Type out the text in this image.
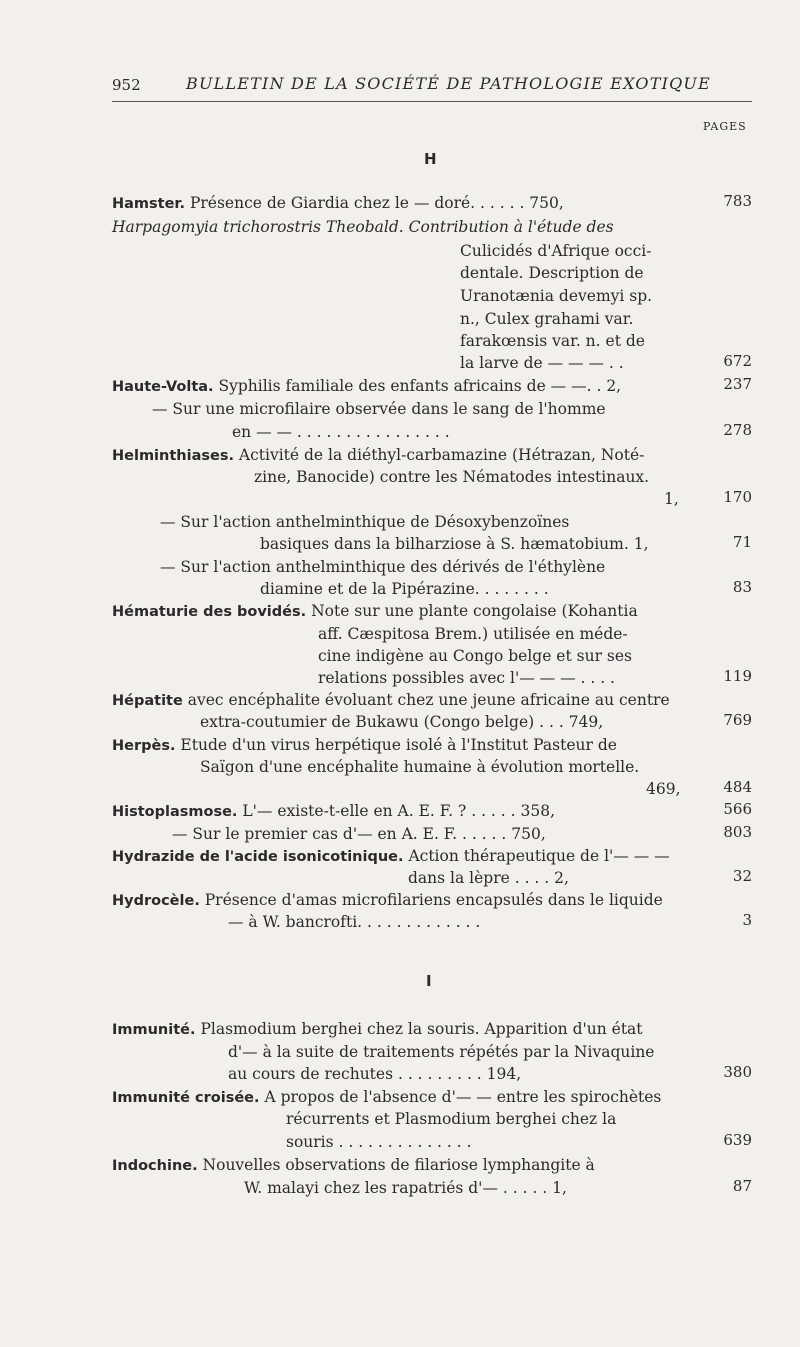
952	BULLETIN DE LA SOCIÉTÉ DE PATHOLOGIE EXOTIQUE
PAGES
H
Hamster. Présence de Giardia chez le — doré. . . . . . 750,	783
Harpagomyia trichorostris Theobald. Contribution à l'étude des
Culicidés d'Afrique occi-
dentale. Description de
Uranotænia devemyi sp.
n., Culex grahami var.
farakœnsis var. n. et de
la larve de — — — . .	672
Haute-Volta. Syphilis familiale des enfants africains de — —. . 2,	237
— Sur une microfilaire observée dans le sang de l'homme
en — — . . . . . . . . . . . . . . . .	278
Helminthiases. Activité de la diéthyl-carbamazine (Hétrazan, Noté-
zine, Banocide) contre les Nématodes intestinaux.
1,	170
— Sur l'action anthelminthique de Désoxybenzoïnes
basiques dans la bilharziose à S. hæmatobium. 1,	71
— Sur l'action anthelminthique des dérivés de l'éthylène
diamine et de la Pipérazine. . . . . . . .	83
Hématurie des bovidés. Note sur une plante congolaise (Kohantia
aff. Cæspitosa Brem.) utilisée en méde-
cine indigène au Congo belge et sur ses
relations possibles avec l'— — — . . . .	119
Hépatite avec encéphalite évoluant chez une jeune africaine au centre
extra-coutumier de Bukawu (Congo belge) . . . 749,	769
Herpès. Etude d'un virus herpétique isolé à l'Institut Pasteur de
Saïgon d'une encéphalite humaine à évolution mortelle.
469,	484
Histoplasmose. L'— existe-t-elle en A. E. F. ? . . . . . 358,	566
— Sur le premier cas d'— en A. E. F. . . . . . 750,	803
Hydrazide de l'acide isonicotinique. Action thérapeutique de l'— — —
dans la lèpre . . . . 2,	32
Hydrocèle. Présence d'amas microfilariens encapsulés dans le liquide
— à W. bancrofti. . . . . . . . . . . . .	3
I
Immunité. Plasmodium berghei chez la souris. Apparition d'un état
d'— à la suite de traitements répétés par la Nivaquine
au cours de rechutes . . . . . . . . . 194,	380
Immunité croisée. A propos de l'absence d'— — entre les spirochètes
récurrents et Plasmodium berghei chez la
souris . . . . . . . . . . . . . .	639
Indochine. Nouvelles observations de filariose lymphangite à
W. malayi chez les rapatriés d'— . . . . . 1,	87
